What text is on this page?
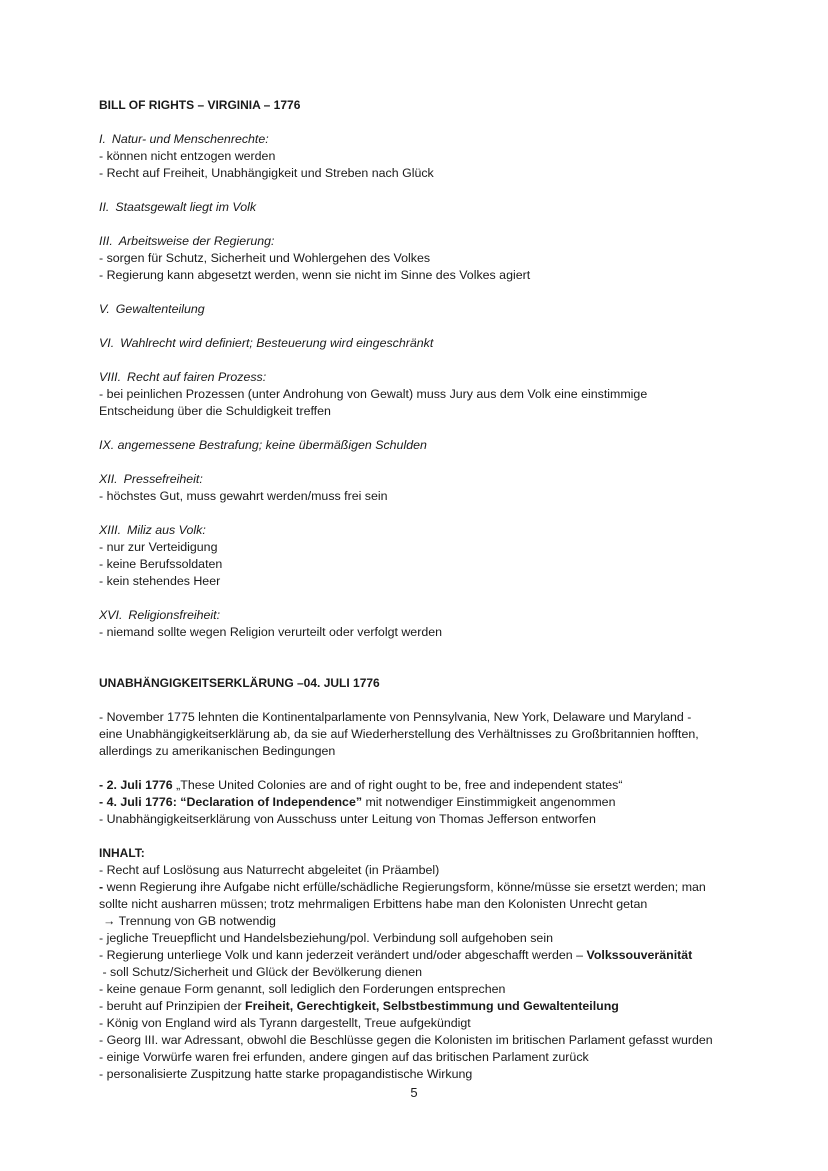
BILL OF RIGHTS – VIRGINIA – 1776
I. Natur- und Menschenrechte:
- können nicht entzogen werden
- Recht auf Freiheit, Unabhängigkeit und Streben nach Glück
II. Staatsgewalt liegt im Volk
III. Arbeitsweise der Regierung:
- sorgen für Schutz, Sicherheit und Wohlergehen des Volkes
- Regierung kann abgesetzt werden, wenn sie nicht im Sinne des Volkes agiert
V. Gewaltenteilung
VI. Wahlrecht wird definiert; Besteuerung wird eingeschränkt
VIII. Recht auf fairen Prozess:
- bei peinlichen Prozessen (unter Androhung von Gewalt) muss Jury aus dem Volk eine einstimmige
Entscheidung über die Schuldigkeit treffen
IX. angemessene Bestrafung; keine übermäßigen Schulden
XII. Pressefreiheit:
- höchstes Gut, muss gewahrt werden/muss frei sein
XIII. Miliz aus Volk:
- nur zur Verteidigung
- keine Berufssoldaten
- kein stehendes Heer
XVI. Religionsfreiheit:
- niemand sollte wegen Religion verurteilt oder verfolgt werden
UNABHÄNGIGKEITSERKLÄRUNG –04. JULI 1776
- November 1775 lehnten die Kontinentalparlamente von Pennsylvania, New York, Delaware und Maryland -
eine Unabhängigkeitserklärung ab, da sie auf Wiederherstellung des Verhältnisses zu Großbritannien hofften,
allerdings zu amerikanischen Bedingungen
- 2. Juli 1776 „These United Colonies are and of right ought to be, free and independent states“
- 4. Juli 1776: “Declaration of Independence” mit notwendiger Einstimmigkeit angenommen
- Unabhängigkeitserklärung von Ausschuss unter Leitung von Thomas Jefferson entworfen
INHALT:
- Recht auf Loslösung aus Naturrecht abgeleitet (in Präambel)
- wenn Regierung ihre Aufgabe nicht erfülle/schädliche Regierungsform, könne/müsse sie ersetzt werden; man
sollte nicht ausharren müssen; trotz mehrmaligen Erbittens habe man den Kolonisten Unrecht getan
→ Trennung von GB notwendig
- jegliche Treuepflicht und Handelsbeziehung/pol. Verbindung soll aufgehoben sein
- Regierung unterliege Volk und kann jederzeit verändert und/oder abgeschafft werden – Volkssouveränität
- soll Schutz/Sicherheit und Glück der Bevölkerung dienen
- keine genaue Form genannt, soll lediglich den Forderungen entsprechen
- beruht auf Prinzipien der Freiheit, Gerechtigkeit, Selbstbestimmung und Gewaltenteilung
- König von England wird als Tyrann dargestellt, Treue aufgekündigt
- Georg III. war Adressant, obwohl die Beschlüsse gegen die Kolonisten im britischen Parlament gefasst wurden
- einige Vorwürfe waren frei erfunden, andere gingen auf das britischen Parlament zurück
- personalisierte Zuspitzung hatte starke propagandistische Wirkung
5
